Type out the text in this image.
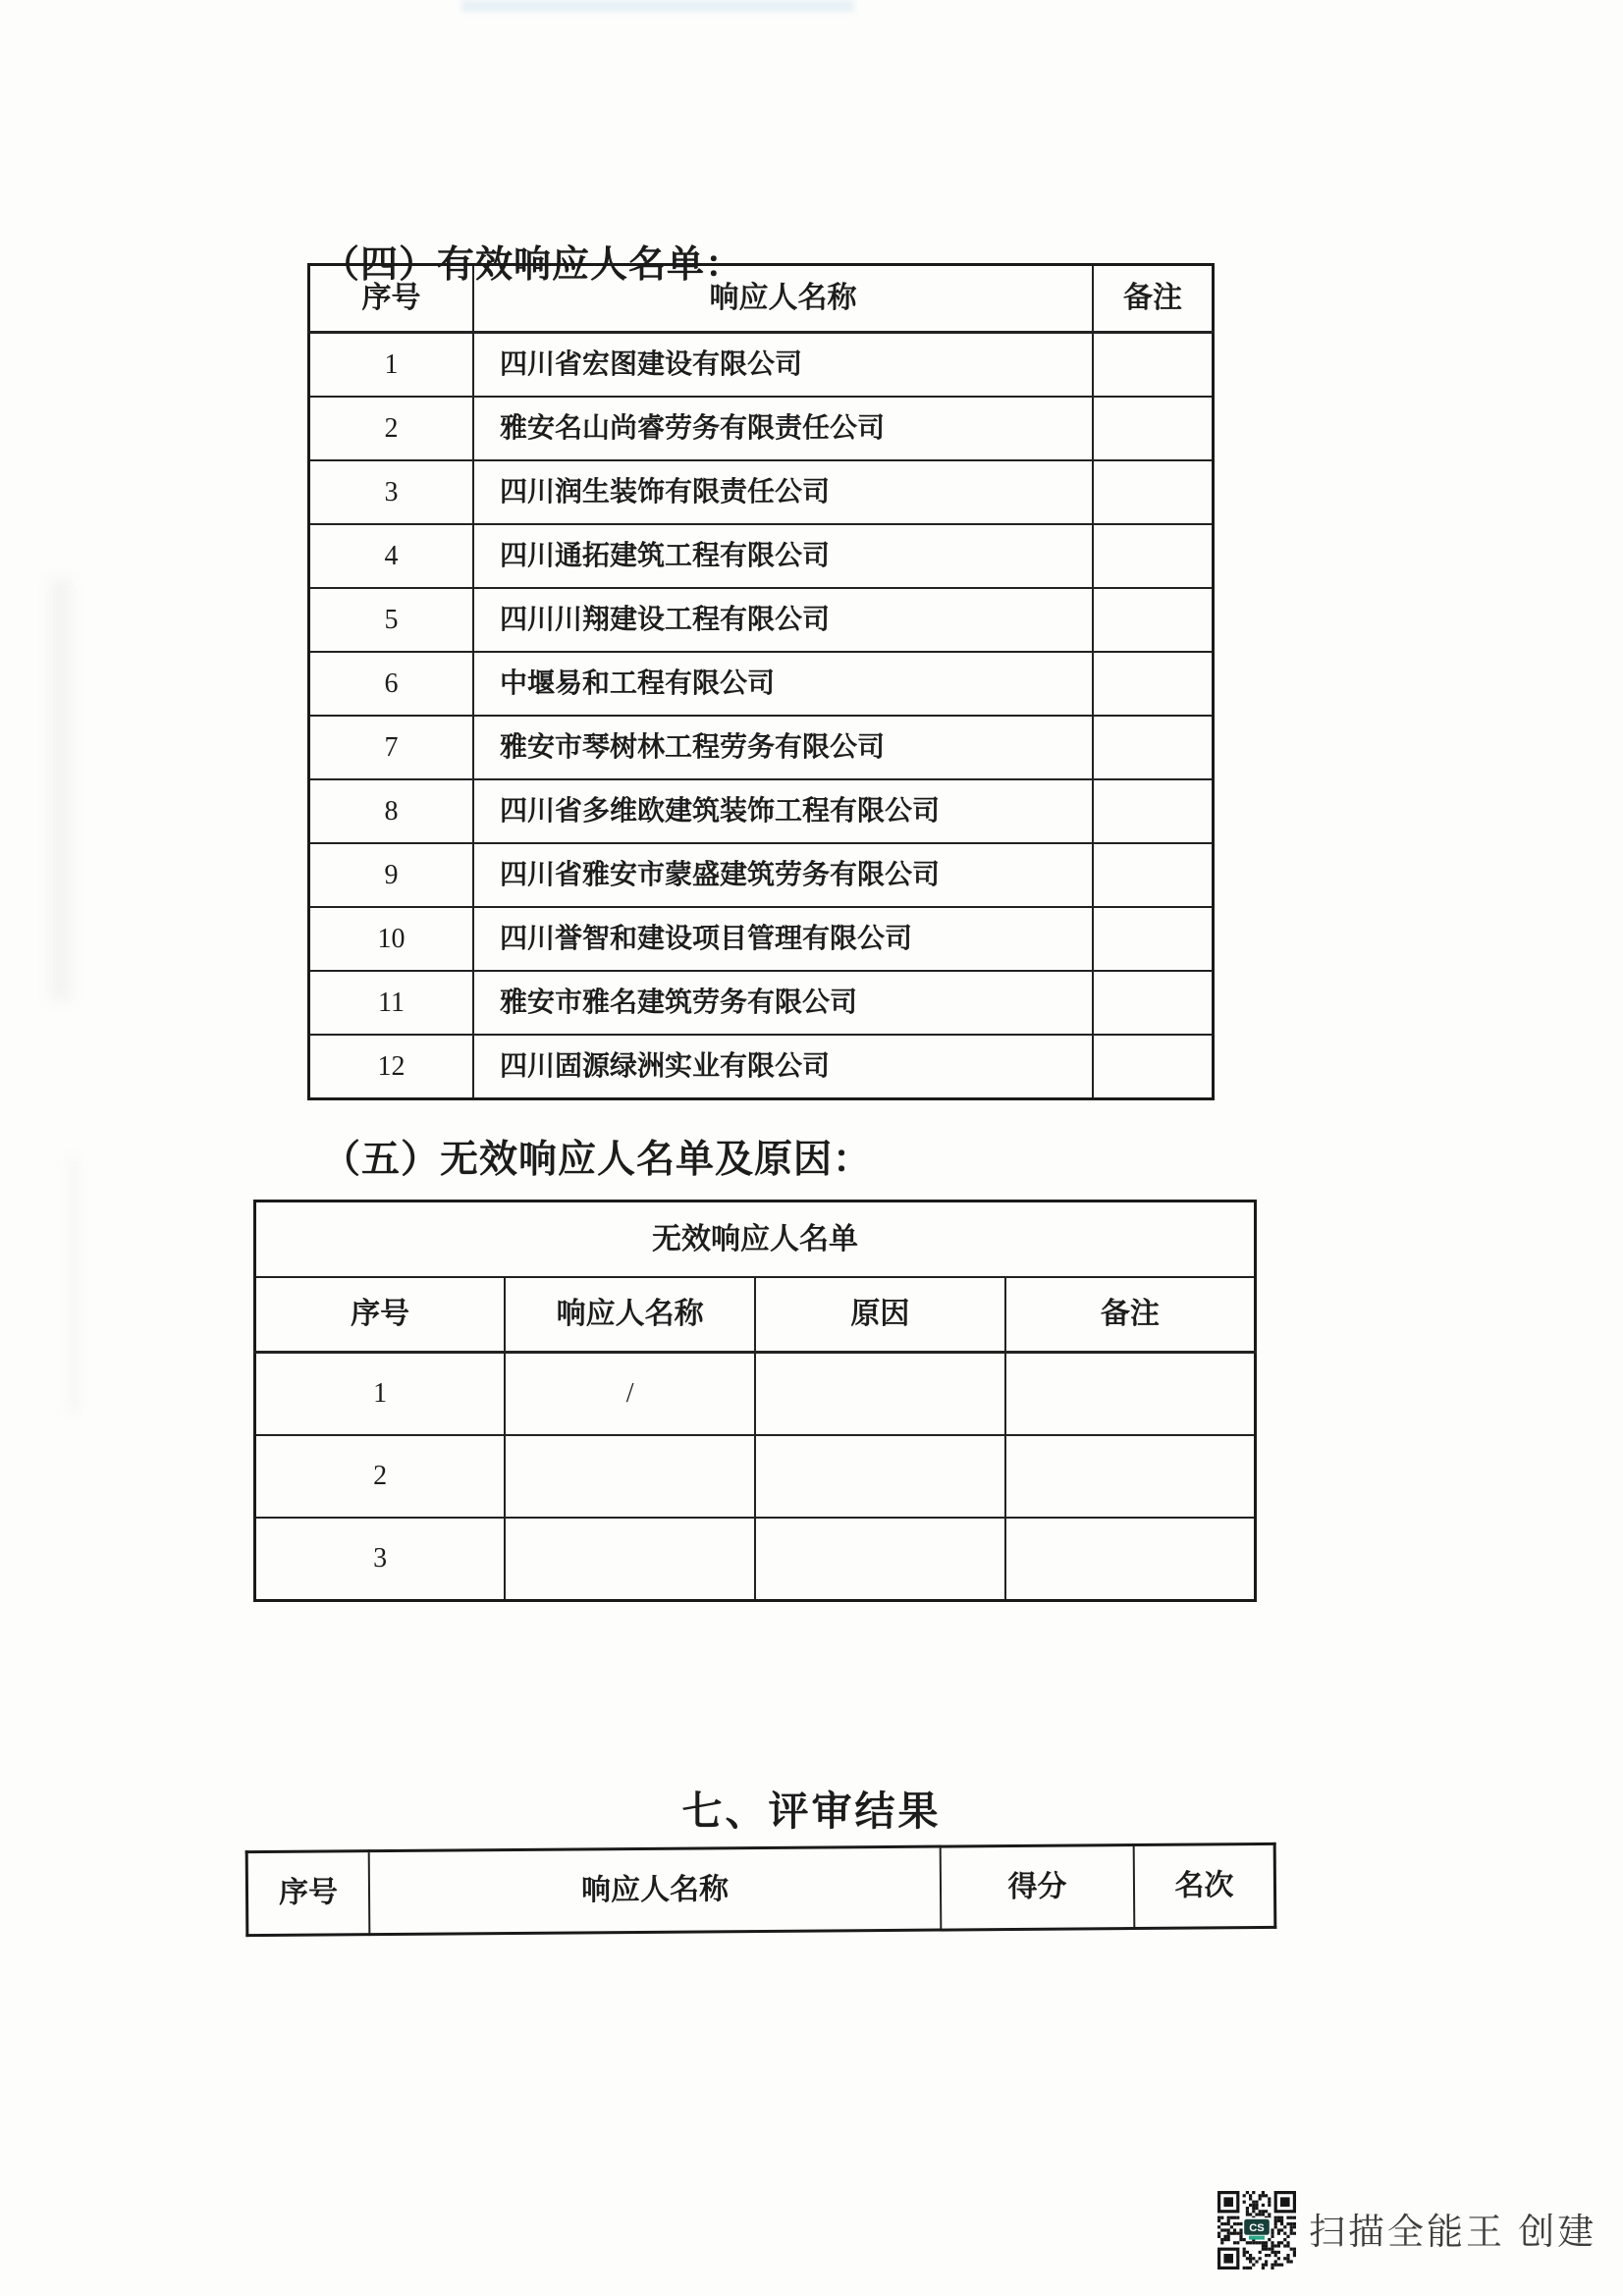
（四）有效响应人名单：
序号	响应人名称	备注
1	四川省宏图建设有限公司	
2	雅安名山尚睿劳务有限责任公司	
3	四川润生装饰有限责任公司	
4	四川通拓建筑工程有限公司	
5	四川川翔建设工程有限公司	
6	中堰易和工程有限公司	
7	雅安市琴树林工程劳务有限公司	
8	四川省多维欧建筑装饰工程有限公司	
9	四川省雅安市蒙盛建筑劳务有限公司	
10	四川誉智和建设项目管理有限公司	
11	雅安市雅名建筑劳务有限公司	
12	四川固源绿洲实业有限公司	
（五）无效响应人名单及原因：
无效响应人名单			
序号	响应人名称	原因	备注
1	/		
2			
3			
七、评审结果
序号	响应人名称	得分	名次
CS 扫描全能王 创建
